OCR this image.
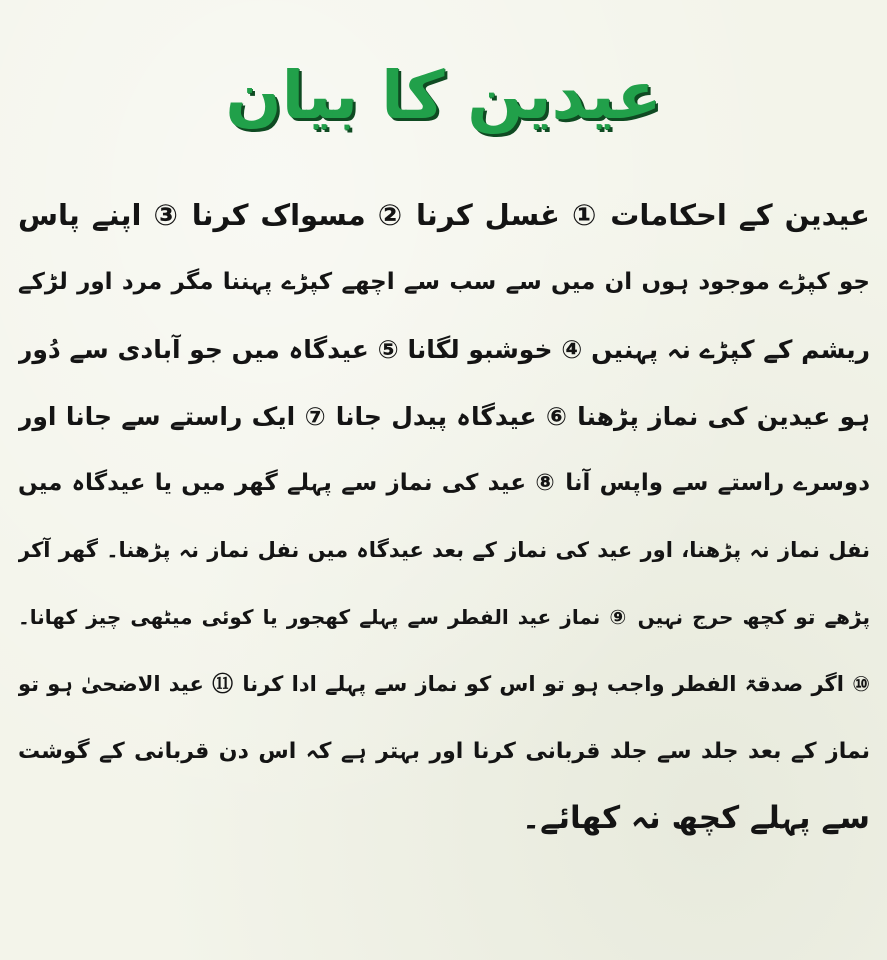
عیدین کا بیان
عیدین کے احکامات ① غسل کرنا ② مسواک کرنا ③ اپنے پاس
جو کپڑے موجود ہوں ان میں سے سب سے اچھے کپڑے پہننا مگر مرد اور لڑکے
ریشم کے کپڑے نہ پہنیں ④ خوشبو لگانا ⑤ عیدگاہ میں جو آبادی سے دُور
ہو عیدین کی نماز پڑھنا ⑥ عیدگاہ پیدل جانا ⑦ ایک راستے سے جانا اور
دوسرے راستے سے واپس آنا ⑧ عید کی نماز سے پہلے گھر میں یا عیدگاہ میں
نفل نماز نہ پڑھنا، اور عید کی نماز کے بعد عیدگاہ میں نفل نماز نہ پڑھنا۔ گھر آکر
پڑھے تو کچھ حرج نہیں ⑨ نماز عید الفطر سے پہلے کھجور یا کوئی میٹھی چیز کھانا۔
⑩ اگر صدقۃ الفطر واجب ہو تو اس کو نماز سے پہلے ادا کرنا ⑪ عید الاضحیٰ ہو تو
نماز کے بعد جلد سے جلد قربانی کرنا اور بہتر ہے کہ اس دن قربانی کے گوشت
سے پہلے کچھ نہ کھائے۔
